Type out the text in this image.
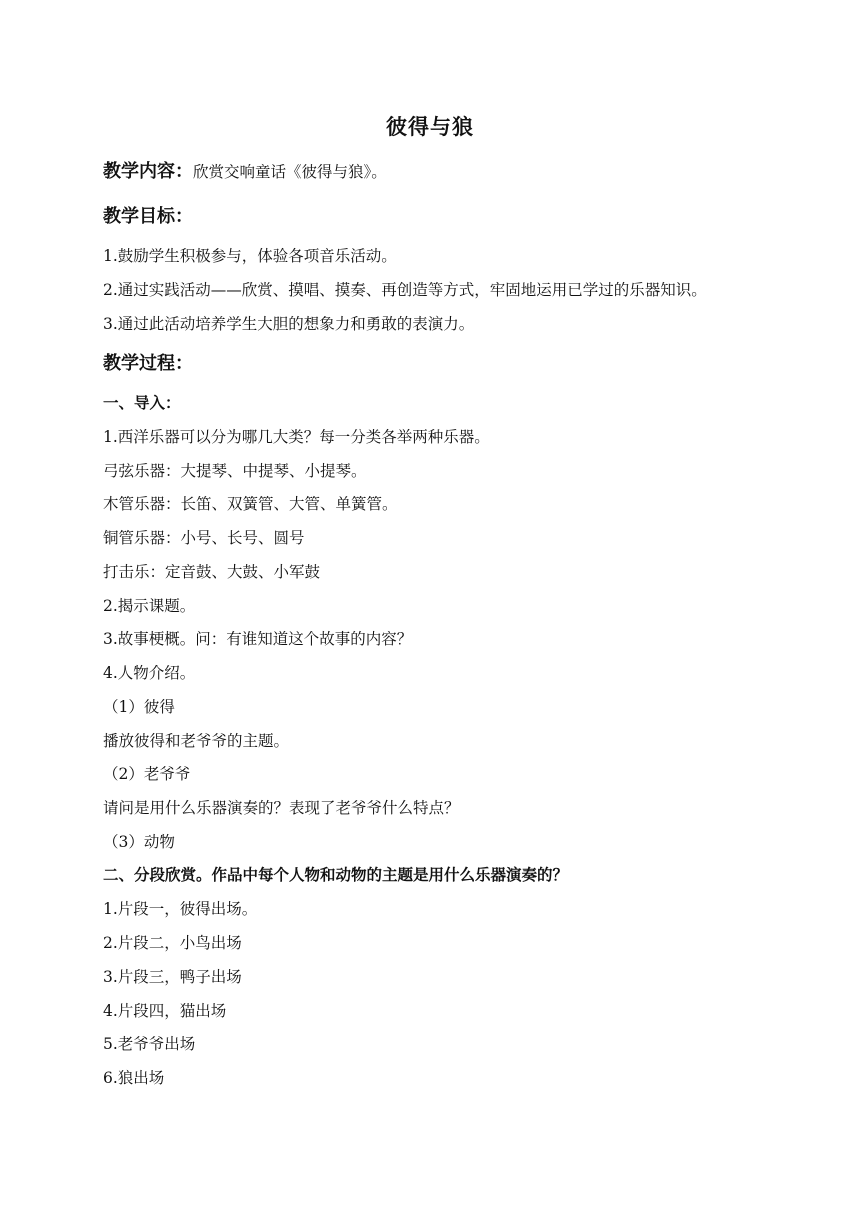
彼得与狼
教学内容：欣赏交响童话《彼得与狼》。
教学目标：
1.鼓励学生积极参与，体验各项音乐活动。
2.通过实践活动——欣赏、摸唱、摸奏、再创造等方式，牢固地运用已学过的乐器知识。
3.通过此活动培养学生大胆的想象力和勇敢的表演力。
教学过程：
一、导入：
1.西洋乐器可以分为哪几大类？每一分类各举两种乐器。
弓弦乐器：大提琴、中提琴、小提琴。
木管乐器：长笛、双簧管、大管、单簧管。
铜管乐器：小号、长号、圆号
打击乐：定音鼓、大鼓、小军鼓
2.揭示课题。
3.故事梗概。问：有谁知道这个故事的内容？
4.人物介绍。
（1）彼得
播放彼得和老爷爷的主题。
（2）老爷爷
请问是用什么乐器演奏的？表现了老爷爷什么特点？
（3）动物
二、分段欣赏。作品中每个人物和动物的主题是用什么乐器演奏的？
1.片段一，彼得出场。
2.片段二，小鸟出场
3.片段三，鸭子出场
4.片段四，猫出场
5.老爷爷出场
6.狼出场
